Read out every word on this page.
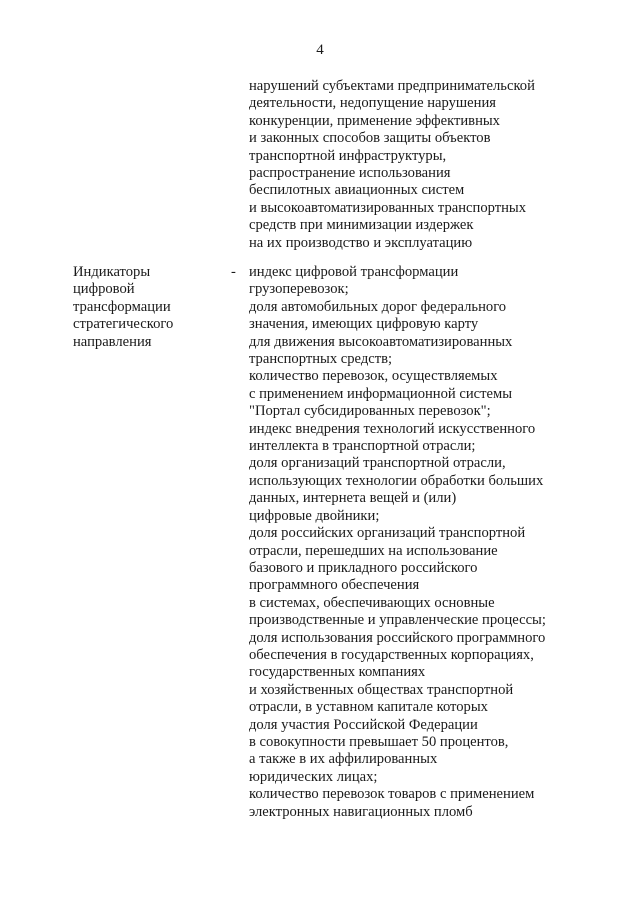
4
нарушений субъектами предпринимательской
деятельности, недопущение нарушения
конкуренции, применение эффективных
и законных способов защиты объектов
транспортной инфраструктуры,
распространение использования
беспилотных авиационных систем
и высокоавтоматизированных транспортных
средств при минимизации издержек
на их производство и эксплуатацию
Индикаторы
цифровой
трансформации
стратегического
направления
- индекс цифровой трансформации
грузоперевозок;
доля автомобильных дорог федерального
значения, имеющих цифровую карту
для движения высокоавтоматизированных
транспортных средств;
количество перевозок, осуществляемых
с применением информационной системы
"Портал субсидированных перевозок";
индекс внедрения технологий искусственного
интеллекта в транспортной отрасли;
доля организаций транспортной отрасли,
использующих технологии обработки больших
данных, интернета вещей и (или)
цифровые двойники;
доля российских организаций транспортной
отрасли, перешедших на использование
базового и прикладного российского
программного обеспечения
в системах, обеспечивающих основные
производственные и управленческие процессы;
доля использования российского программного
обеспечения в государственных корпорациях,
государственных компаниях
и хозяйственных обществах транспортной
отрасли, в уставном капитале которых
доля участия Российской Федерации
в совокупности превышает 50 процентов,
а также в их аффилированных
юридических лицах;
количество перевозок товаров с применением
электронных навигационных пломб
